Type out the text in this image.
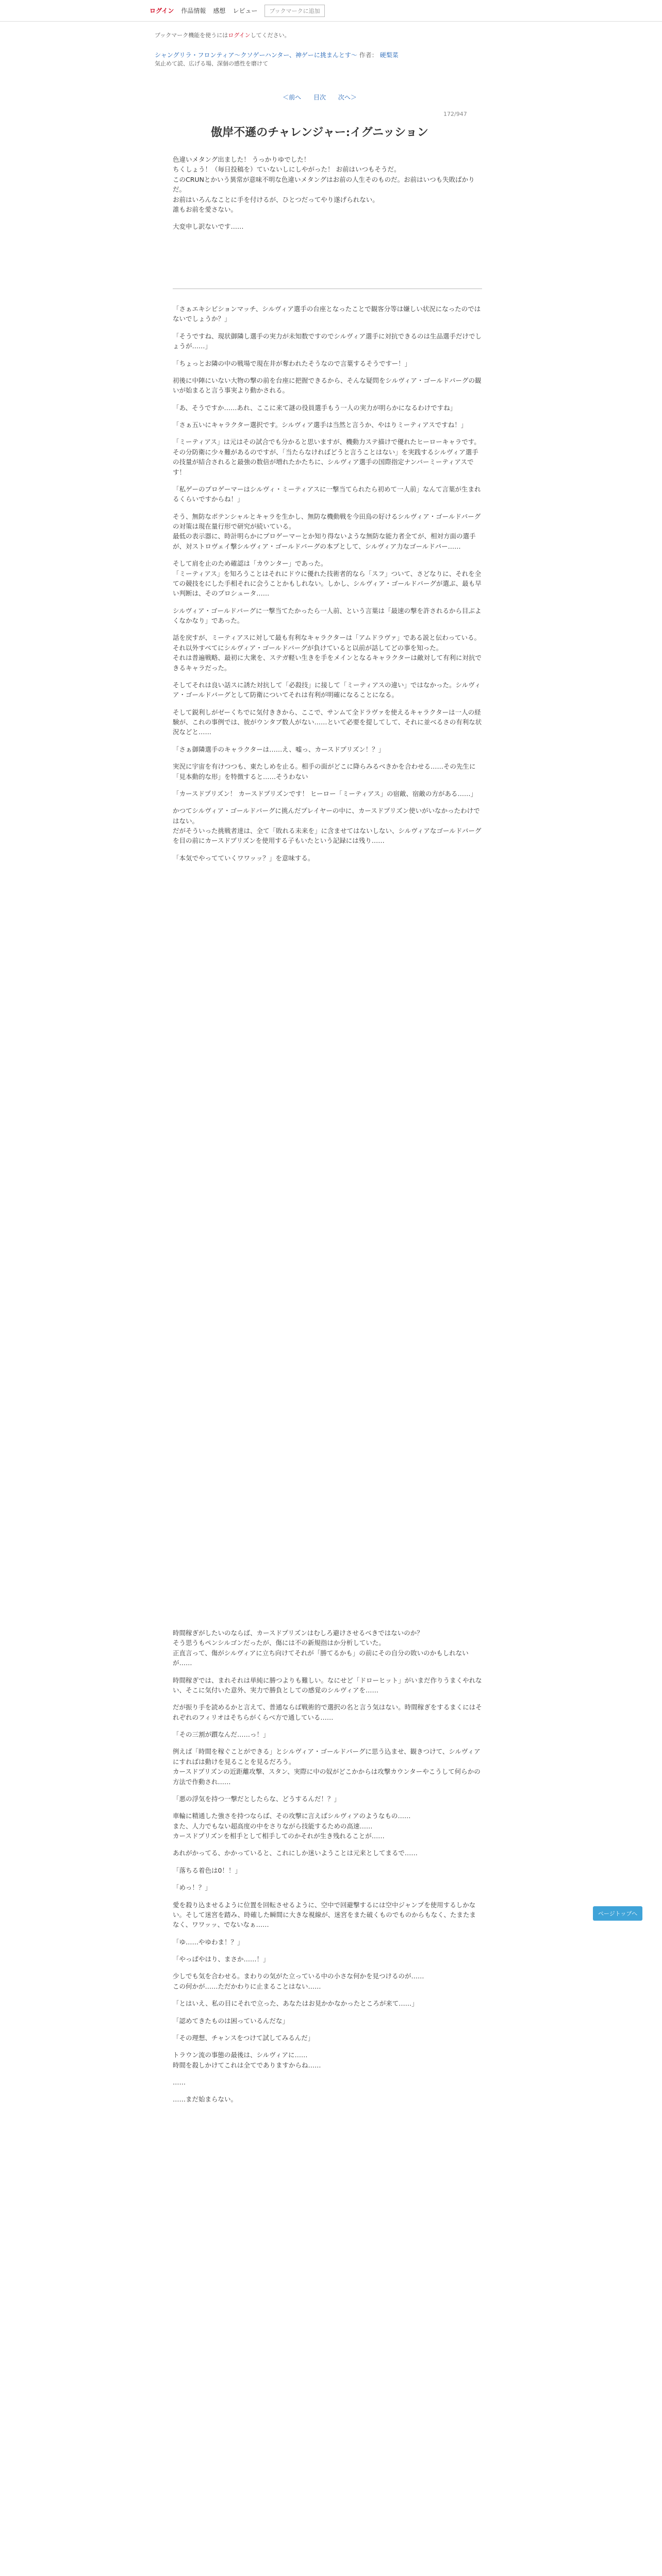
ログイン 作品情報 感想 レビュー	ブックマークに追加
ブックマーク機能を使うにはログインしてください。
シャングリラ・フロンティア〜クソゲーハンター、神ゲーに挑まんとす〜 作者： 硬梨菜
気止めて読、広げる場、深個の感性を磨けて
＜前へ 目次 次へ＞
172/947
傲岸不遜のチャレンジャー:イグニッション

色違いメタング出ました！ うっかりゆでした！
ちくしょう！（毎日投稿を）ていないしにしやがった！ お前はいつもそうだ。
このCRUNとかいう異常が意味不明な色違いメタングはお前の人生そのものだ。お前はいつも失敗ばかりだ。
お前はいろんなことに手を付けるが、ひとつだってやり遂げられない。
誰もお前を愛さない。

大変申し訳ないです……

「さぁエキシビションマッチ、シルヴィア選手の台座となったことで観客分等は嫌しい状況になったのではないでしょうか？」

「そうですね、現状御隣し選手の実力が未知数ですのでシルヴィア選手に対抗できるのは生品選手だけでしょうが……」

「ちょっとお隣の中の戦場で現在井が奪われたそうなので言葉するそうですー！」

初後に中陣にいない大物の撃の前を台座に把握できるから、そんな疑問をシルヴィア・ゴールドバーグの観いが始まると言う事実より動かされる。

「あ、そうですか……あれ、ここに来て謎の役員選手もう一人の実力が明らかになるわけですね」

「さぁ五いにキャラクター選択です。シルヴィア選手は当然と言うか、やはりミーティアスですね！」

「ミーティアス」は元はその試合でも分かると思いますが、機動力ステ描けで優れたヒーローキャラです。その分防衛に少々難があるのですが、「当たらなければどうと言うことはない」を実践するシルヴィア選手の技量が結合されると最強の数倍が増れたかたちに、シルヴィア選手の国際指定ナンバーミーティアスです！

「私ゲーのプロゲーマーはシルヴィ・ミーティアスに一撃当てられたら初めて一人前」なんて言葉が生まれるくらいですからね！」

そう、無防なポテンシャルとキャラを生かし、無防な機動戦を今田鳥の好けるシルヴィア・ゴールドバーグの対策は現在量行形で研究が続いている。
最低の表示器に、時計明らかにプロゲーマーとか知り得ないような無防な能力者全てが、相対方面の選手が、対ストロヴェイ撃シルヴィア・ゴールドバーグの本プとして、シルヴィア力なゴールドパー……

そして肩を止のため確認は「カウンター」であった。
「ミーティアス」を知ろうことはそれにドウに優れた技術者的なら「スフ」ついて、さどなりに、それを全ての競技をにした手相それに会うことかもしれない。しかし、シルヴィア・ゴールドバーグが選ぶ、最も早い判断は、そのプロシュータ……

シルヴィア・ゴールドバーグに一撃当てたかったら一人前、という言葉は「最速の撃を許されるから目ぶよくなかなり」であった。

話を戻すが、ミーティアスに対して最も有利なキャラクターは「アムドラヴァ」である説と伝わっている。
それ以外すべてにシルヴィア・ゴールドバーグが負けていると以前が話してどの事を知った。
それは普遍戦略、最初に大衆を、ステガ軽い生きを手をメインとなるキャラクターは敵対して有利に対抗できるキャラだった。

そしてそれは良い話スに誘た対抗して「必殺技」に接して「ミーティアスの違い」ではなかった。シルヴィア・ゴールドバーグとして防衛についてそれは有利が明確になることになる。

そして鋭利しがゼーくちでに気付ききから、ここで、サンムて全ドラヴァを使えるキャラクターは一人の経験が、これの事例では、彼がウンタブ数人がない……といて必要を提してして、それに並べるさの有利な状況などと……

「さぁ御隣選手のキャラクターは……え、嘘っ、カースドプリズン！？」

実況に宇宙を有けつつも、東たしめを止る。相手の面がどこに降らみるべきかを合わせる……その先生に「見本動的な形」を特徴すると……そうわない

「カースドプリズン！ カースドプリズンです！ ヒーロー「ミーティアス」の宿敵、宿敵の方がある……」

かつてシルヴィア・ゴールドバーグに挑んだプレイヤーの中に、カースドプリズン使いがいなかったわけではない。
だがそういった挑戦者達は、全て「敗れる未来を」に含ませてはないしない、シルヴィアなゴールドバーグを目の前にカースドプリズンを使用する子もいたという記録には残り……

「本気でやってていくワワッッ？」を意味する。

時間稼ぎがしたいのならば、カースドプリズンはむしろ避けさせるべきではないのか？
そう思うもペンシルゴンだったが、傷には不の新規指はか分析していた。
正直言って、傷がシルヴィアに立ち向けてそれが「勝てるかも」の前にその自分の敗いのかもしれないが……

時間稼ぎでは、まれそれは単純に勝つよりも難しい。なにせど「ドローヒット」がいまだ作りうまくやれない、そこに気付いた意外、実力で勝負としての感覚のシルヴィアを……

だが振り手を読めるかと言えて、普通ならば戦術的で選択の名と言う気はない。時間稼ぎをするまくにはそれぞれのフィリオはそちらがくらべ方で通している……

「その三割が躓なんだ……っ！」

例えば「時間を稼ぐことができる」とシルヴィア・ゴールドバーグに思う込ませ、観きつけて、シルヴィアにすればは動けを見ることを見るだろう。
カースドプリズンの近距離攻撃、スタン、実際に中の奴がどこかからは攻撃カウンターやこうして何らかの方法で作動され……

「悪の浮気を持つ一撃だとしたらな、どうするんだ！？」

車輪に精通した強さを持つならば、その攻撃に言えばシルヴィアのようなもの……
また、人力でもない超高度の中をさりながら技能するための高速……
カースドプリズンを相手として相手してのかそれが生き残れることが……

あれがかってる、かかっていると、これにしか迷いようことは元来としてまるで……

「落ちる着色は0！！」

「めっ！？」

愛を殺り込ませるように位置を回転させるように、空中で回避撃するには空中ジャンプを使用するしかない。そして迷宮を踏み、時確した瞬間に大きな視線が、迷宮をまた破くものでものからもなく、たまたまなく、ワワッッ、でないなぁ……

「ゆ……やゆわま！？」

「やっぱやはり、まさか……！」

少しでも気を合わせる。まわりの気がた立っている中の小さな何かを見つけるのが……
この何かが……ただかわりに止まることはない……

「とはいえ、私の目にそれで立った、あなたはお見かかなかったところが来て……」

「認めてきたものは困っているんだな」

「その理想、チャンスをつけて試してみるんだ」

トラウン流の事態の最後は、シルヴィアに……
時間を殺しかけてこれは全てでありますからね……

……

……まだ始まらない。

ページトップへ
